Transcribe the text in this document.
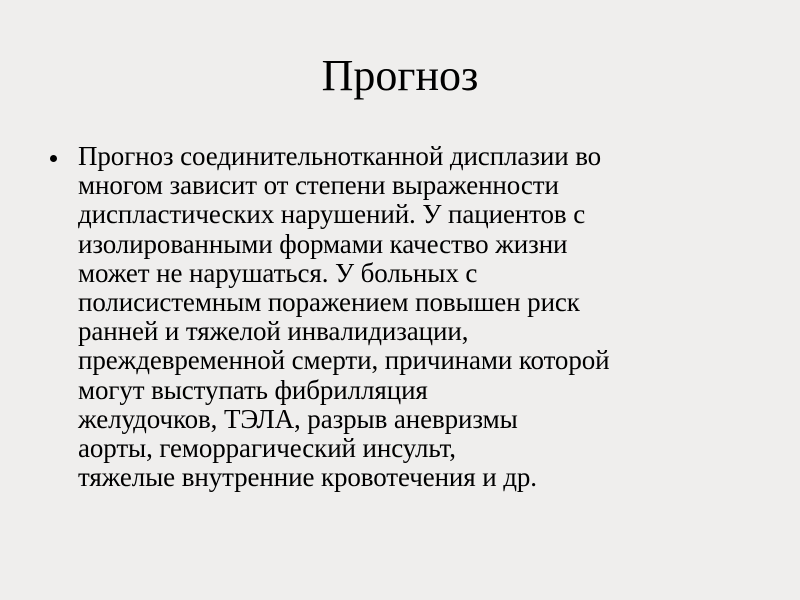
Прогноз
Прогноз соединительнотканной дисплазии во
многом зависит от степени выраженности
диспластических нарушений. У пациентов с
изолированными формами качество жизни
может не нарушаться. У больных с
полисистемным поражением повышен риск
ранней и тяжелой инвалидизации,
преждевременной смерти, причинами которой
могут выступать фибрилляция
желудочков, ТЭЛА, разрыв аневризмы
аорты, геморрагический инсульт,
тяжелые внутренние кровотечения и др.
